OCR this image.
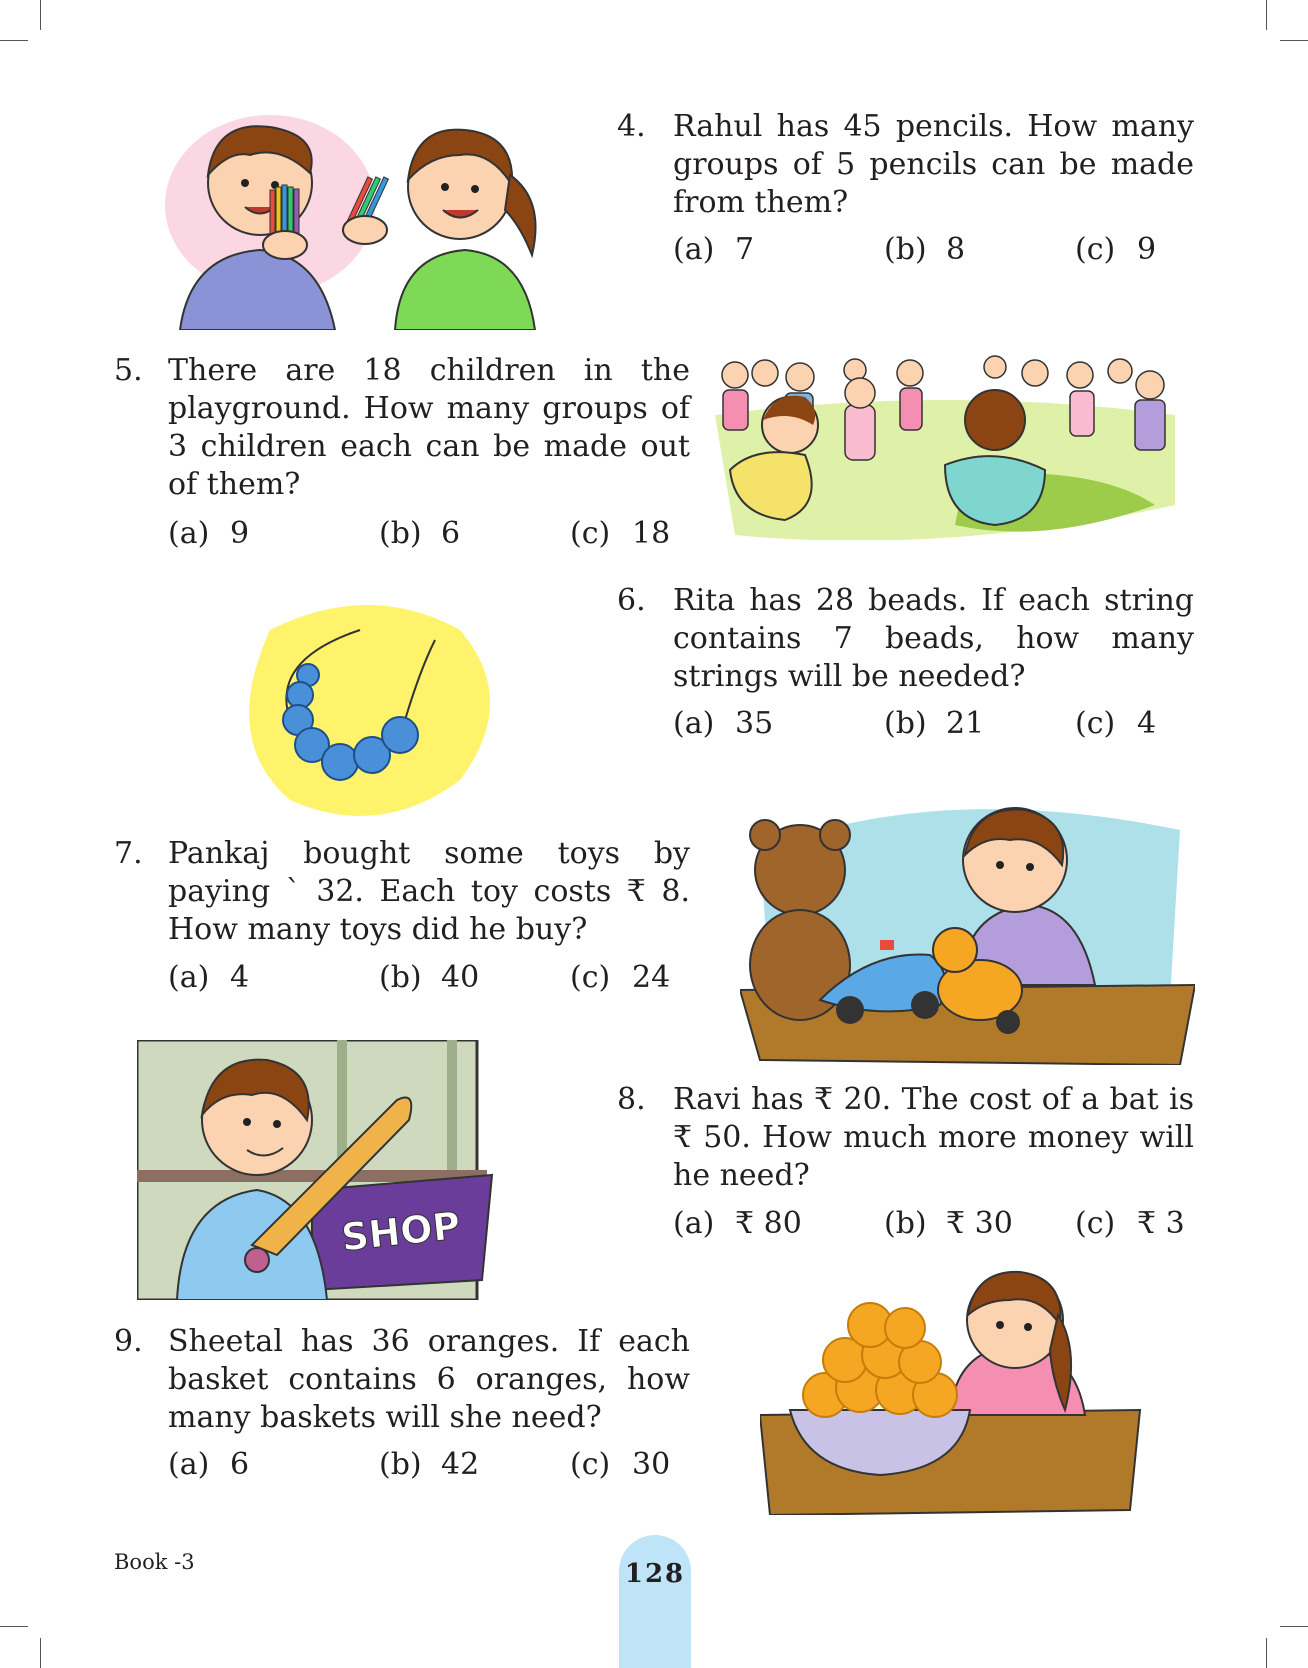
4. Rahul has 45 pencils. How many groups of 5 pencils can be made from them?
(a) 7	(b) 8	(c) 9
5. There are 18 children in the playground. How many groups of 3 children each can be made out of them?
(a) 9	(b) 6	(c) 18
6. Rita has 28 beads. If each string contains 7 beads, how many strings will be needed?
(a) 35	(b) 21	(c) 4
7. Pankaj bought some toys by paying ` 32. Each toy costs ₹ 8. How many toys did he buy?
(a) 4	(b) 40	(c) 24
8. Ravi has ₹ 20. The cost of a bat is ₹ 50. How much more money will he need?
(a) ₹ 80	(b) ₹ 30 (c) ₹ 3
9. Sheetal has 36 oranges. If each basket contains 6 oranges, how many baskets will she need?
(a) 6	(b) 42	(c) 30
SHOP
Book -3	128
